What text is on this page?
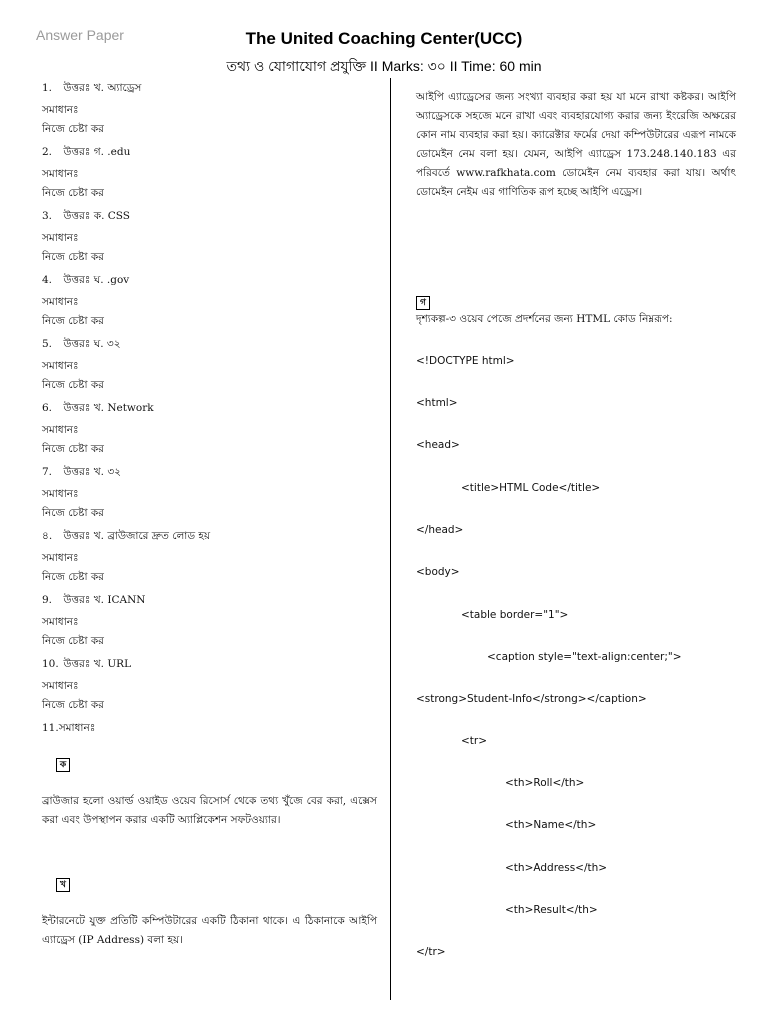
Answer Paper	The United Coaching Center(UCC)
তথ্য ও যোগাযোগ প্রযুক্তি II Marks: ৩০ II Time: 60 min
1. উত্তরঃ খ. অ্যাড্রেস
সমাধানঃ
নিজে চেষ্টা কর
2. উত্তরঃ গ. .edu
সমাধানঃ
নিজে চেষ্টা কর
3. উত্তরঃ ক. CSS
সমাধানঃ
নিজে চেষ্টা কর
4. উত্তরঃ ঘ. .gov
সমাধানঃ
নিজে চেষ্টা কর
5. উত্তরঃ ঘ. ৩২
সমাধানঃ
নিজে চেষ্টা কর
6. উত্তরঃ খ. Network
সমাধানঃ
নিজে চেষ্টা কর
7. উত্তরঃ খ. ৩২
সমাধানঃ
নিজে চেষ্টা কর
৪. উত্তরঃ খ. ব্রাউজারে দ্রুত লোড হয়
সমাধানঃ
নিজে চেষ্টা কর
9. উত্তরঃ খ. ICANN
সমাধানঃ
নিজে চেষ্টা কর
10. উত্তরঃ খ. URL
সমাধানঃ
নিজে চেষ্টা কর
11.সমাধানঃ
ক
ব্রাউজার হলো ওয়ার্ল্ড ওয়াইড ওয়েব রিসোর্স থেকে তথ্য খুঁজে বের করা, এক্সেস করা এবং উপস্থাপন করার একটি অ্যাপ্লিকেশন সফটওয়্যার।
খ
ইন্টারনেটে যুক্ত প্রতিটি কম্পিউটারের একটি ঠিকানা থাকে। এ ঠিকানাকে আইপি এ্যাড্রেস (IP Address) বলা হয়।
আইপি এ্যাড্রেসের জন্য সংখ্যা ব্যবহার করা হয় যা মনে রাখা কষ্টকর। আইপি অ্যাড্রেসকে সহজে মনে রাখা এবং ব্যবহারযোগ্য করার জন্য ইংরেজি অক্ষরের কোন নাম ব্যবহার করা হয়। ক্যারেক্টার ফর্মের দেয়া কম্পিউটারের এরূপ নামকে ডোমেইন নেম বলা হয়। যেমন, আইপি এ্যাড্রেস 173.248.140.183 এর পরিবর্তে www.rafkhata.com ডোমেইন নেম ব্যবহার করা যায়। অর্থাৎ ডোমেইন নেইম এর গাণিতিক রূপ হচ্ছে আইপি এড্রেস।
গ
দৃশ্যকল্প-৩ ওয়েব পেজে প্রদর্শনের জন্য HTML কোড নিম্নরূপ:
<!DOCTYPE html>
<html>
<head>
<title>HTML Code</title>
</head>
<body>
<table border="1">
<caption style="text-align:center;">
<strong>Student-Info</strong></caption>
<tr>
<th>Roll</th>
<th>Name</th>
<th>Address</th>
<th>Result</th>
</tr>
